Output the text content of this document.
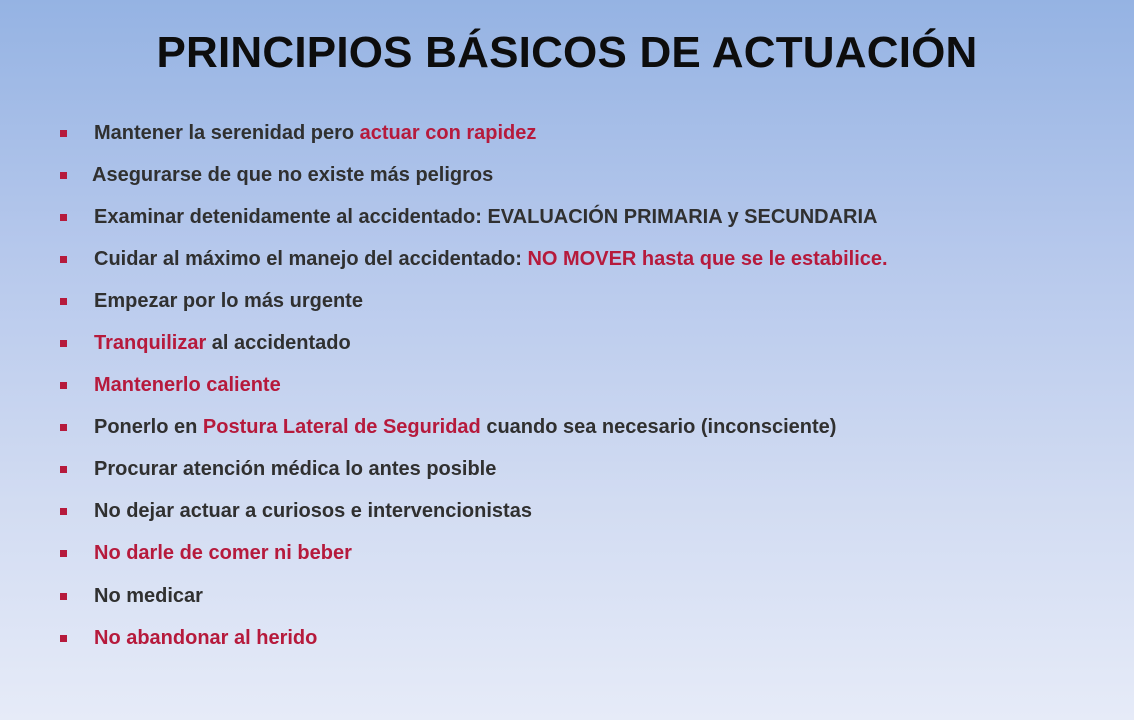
PRINCIPIOS BÁSICOS DE ACTUACIÓN
Mantener la serenidad pero actuar con rapidez
Asegurarse de que no existe más peligros
Examinar detenidamente al accidentado: EVALUACIÓN PRIMARIA y SECUNDARIA
Cuidar al máximo el manejo del accidentado: NO MOVER hasta que se le estabilice.
Empezar por lo más urgente
Tranquilizar al accidentado
Mantenerlo caliente
Ponerlo en Postura Lateral de Seguridad cuando sea necesario (inconsciente)
Procurar atención médica lo antes posible
No dejar actuar a curiosos e intervencionistas
No darle de comer ni beber
No medicar
No abandonar al herido
